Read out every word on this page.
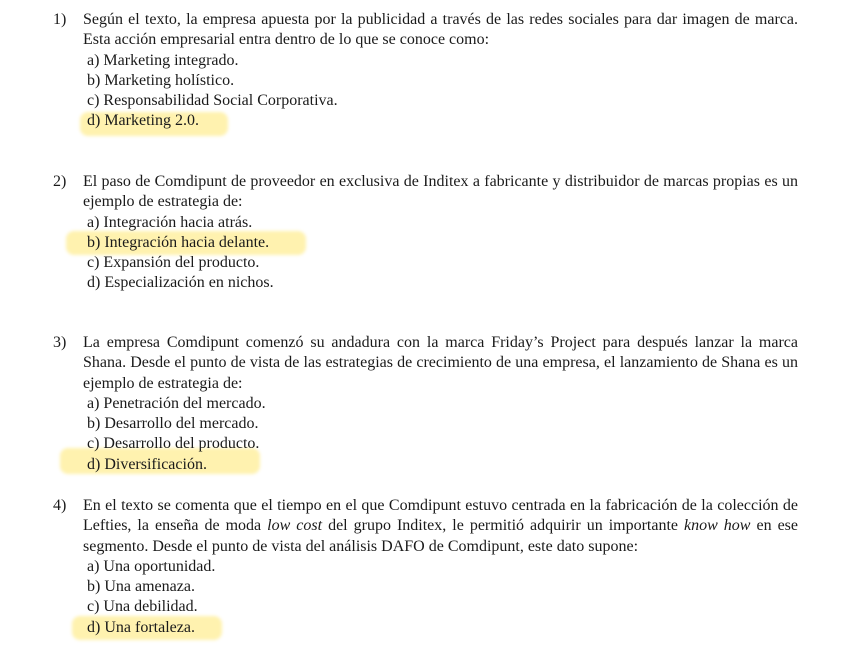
1) Según el texto, la empresa apuesta por la publicidad a través de las redes sociales para dar imagen de marca. Esta acción empresarial entra dentro de lo que se conoce como:
a) Marketing integrado.
b) Marketing holístico.
c) Responsabilidad Social Corporativa.
d) Marketing 2.0.
2) El paso de Comdipunt de proveedor en exclusiva de Inditex a fabricante y distribuidor de marcas propias es un ejemplo de estrategia de:
a) Integración hacia atrás.
b) Integración hacia delante.
c) Expansión del producto.
d) Especialización en nichos.
3) La empresa Comdipunt comenzó su andadura con la marca Friday’s Project para después lanzar la marca Shana. Desde el punto de vista de las estrategias de crecimiento de una empresa, el lanzamiento de Shana es un ejemplo de estrategia de:
a) Penetración del mercado.
b) Desarrollo del mercado.
c) Desarrollo del producto.
d) Diversificación.
4) En el texto se comenta que el tiempo en el que Comdipunt estuvo centrada en la fabricación de la colección de Lefties, la enseña de moda low cost del grupo Inditex, le permitió adquirir un importante know how en ese segmento. Desde el punto de vista del análisis DAFO de Comdipunt, este dato supone:
a) Una oportunidad.
b) Una amenaza.
c) Una debilidad.
d) Una fortaleza.
